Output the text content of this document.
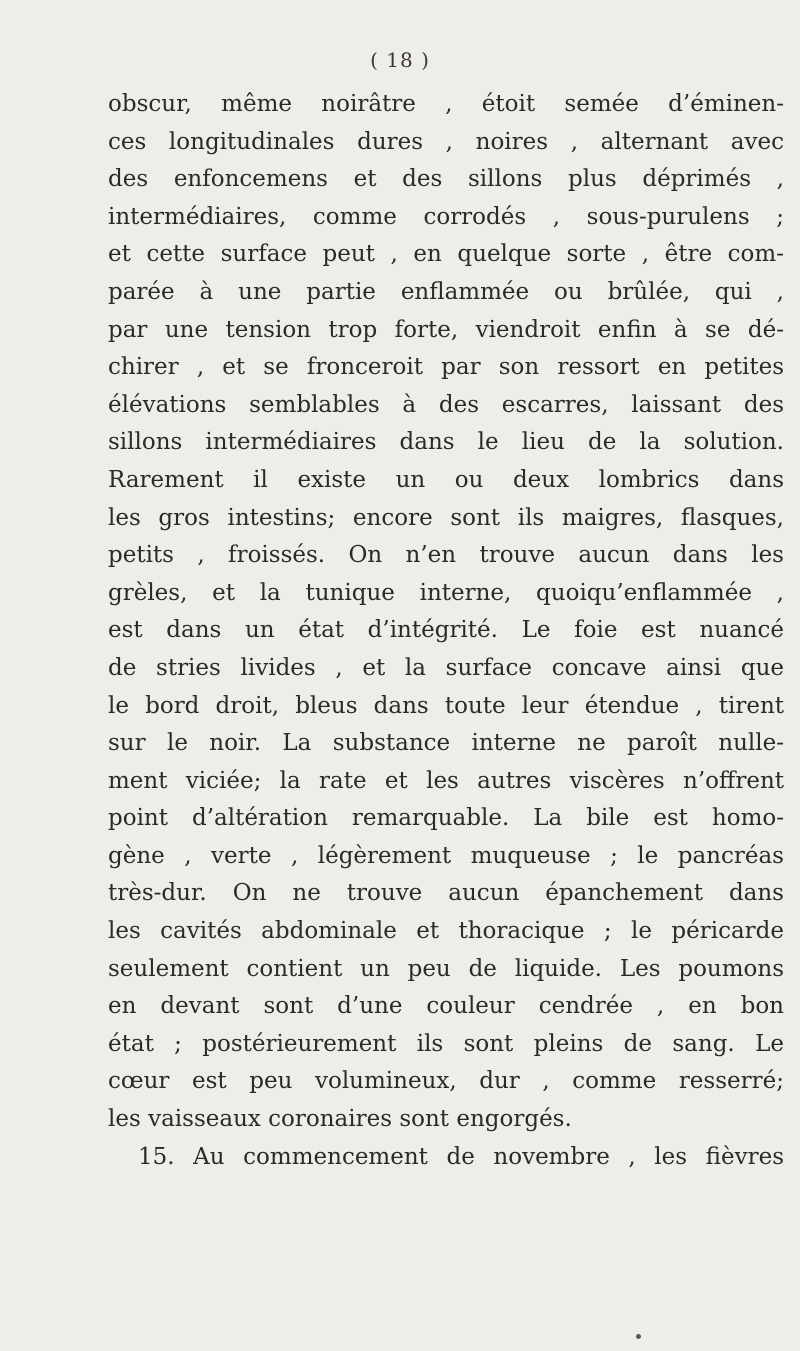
( 18 )
obscur, même noirâtre , étoit semée d’éminen-
ces longitudinales dures , noires , alternant avec
des enfoncemens et des sillons plus déprimés ,
intermédiaires, comme corrodés , sous-purulens ;
et cette surface peut , en quelque sorte , être com-
parée à une partie enflammée ou brûlée, qui ,
par une tension trop forte, viendroit enfin à se dé-
chirer , et se fronceroit par son ressort en petites
élévations semblables à des escarres, laissant des
sillons intermédiaires dans le lieu de la solution.
Rarement il existe un ou deux lombrics dans
les gros intestins; encore sont ils maigres, flasques,
petits , froissés. On n’en trouve aucun dans les
grèles, et la tunique interne, quoiqu’enflammée ,
est dans un état d’intégrité. Le foie est nuancé
de stries livides , et la surface concave ainsi que
le bord droit, bleus dans toute leur étendue , tirent
sur le noir. La substance interne ne paroît nulle-
ment viciée; la rate et les autres viscères n’offrent
point d’altération remarquable. La bile est homo-
gène , verte , légèrement muqueuse ; le pancréas
très-dur. On ne trouve aucun épanchement dans
les cavités abdominale et thoracique ; le péricarde
seulement contient un peu de liquide. Les poumons
en devant sont d’une couleur cendrée , en bon
état ; postérieurement ils sont pleins de sang. Le
cœur est peu volumineux, dur , comme resserré;
les vaisseaux coronaires sont engorgés.
15. Au commencement de novembre , les fièvres
